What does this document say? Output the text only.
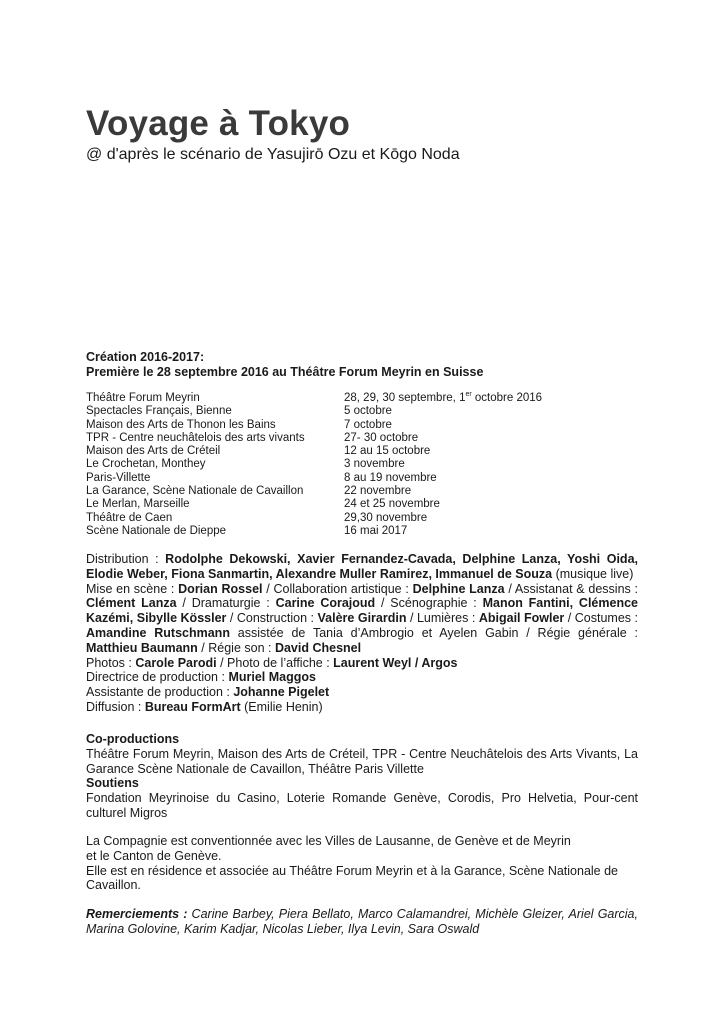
Voyage à Tokyo
@ d'après le scénario de Yasujirō Ozu et Kōgo Noda
Création 2016-2017:
Première le 28 septembre 2016 au Théâtre Forum Meyrin en Suisse
Théâtre Forum Meyrin	28, 29, 30 septembre, 1er octobre 2016
Spectacles Français, Bienne	5 octobre
Maison des Arts de Thonon les Bains	7 octobre
TPR - Centre neuchâtelois des arts vivants	27- 30 octobre
Maison des Arts de Créteil	12 au 15 octobre
Le Crochetan, Monthey	3 novembre
Paris-Villette	8 au 19 novembre
La Garance, Scène Nationale de Cavaillon	22 novembre
Le Merlan, Marseille	24 et 25 novembre
Théâtre de Caen	29,30 novembre
Scène Nationale de Dieppe	16 mai 2017

Distribution : Rodolphe Dekowski, Xavier Fernandez-Cavada, Delphine Lanza, Yoshi Oida, Elodie Weber, Fiona Sanmartin, Alexandre Muller Ramirez, Immanuel de Souza (musique live)

Mise en scène : Dorian Rossel / Collaboration artistique : Delphine Lanza / Assistanat & dessins : Clément Lanza / Dramaturgie : Carine Corajoud / Scénographie : Manon Fantini, Clémence Kazémi, Sibylle Kössler / Construction : Valère Girardin / Lumières : Abigail Fowler / Costumes : Amandine Rutschmann assistée de Tania d’Ambrogio et Ayelen Gabin / Régie générale : Matthieu Baumann / Régie son : David Chesnel

Photos : Carole Parodi / Photo de l’affiche : Laurent Weyl / Argos

Directrice de production : Muriel Maggos

Assistante de production : Johanne Pigelet

Diffusion : Bureau FormArt (Emilie Henin)

Co-productions

Théâtre Forum Meyrin, Maison des Arts de Créteil, TPR - Centre Neuchâtelois des Arts Vivants, La Garance Scène Nationale de Cavaillon, Théâtre Paris Villette

Soutiens

Fondation Meyrinoise du Casino, Loterie Romande Genève, Corodis, Pro Helvetia, Pour-cent culturel Migros

La Compagnie est conventionnée avec les Villes de Lausanne, de Genève et de Meyrin

et le Canton de Genève.

Elle est en résidence et associée au Théâtre Forum Meyrin et à la Garance, Scène Nationale de

Cavaillon.

Remerciements : Carine Barbey, Piera Bellato, Marco Calamandrei, Michèle Gleizer, Ariel Garcia, Marina Golovine, Karim Kadjar, Nicolas Lieber, Ilya Levin, Sara Oswald
